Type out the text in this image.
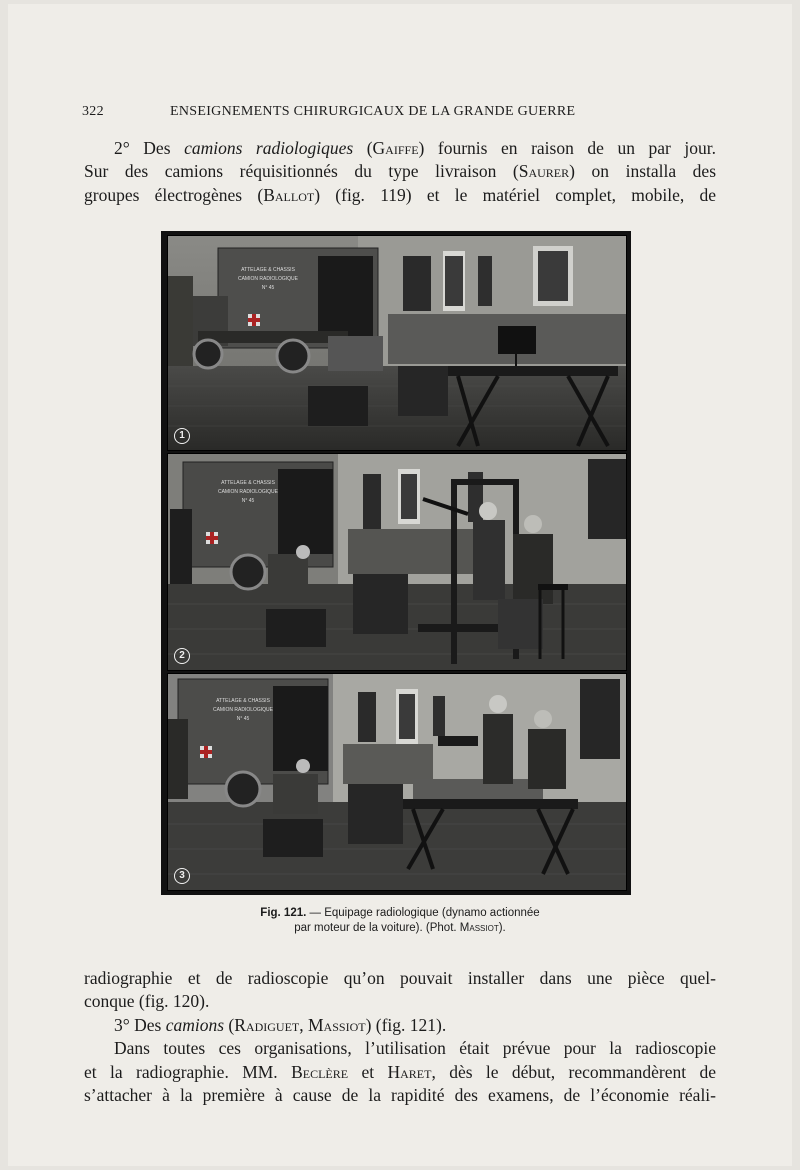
322	ENSEIGNEMENTS CHIRURGICAUX DE LA GRANDE GUERRE
2° Des camions radiologiques (Gaiffe) fournis en raison de un par jour.
Sur des camions réquisitionnés du type livraison (Saurer) on installa des
groupes électrogènes (Ballot) (fig. 119) et le matériel complet, mobile, de
ATTELAGE & CHASSIS
CAMION RADIOLOGIQUE
N° 45
1
ATTELAGE & CHASSIS
CAMION RADIOLOGIQUE
N° 45
2
ATTELAGE & CHASSIS
CAMION RADIOLOGIQUE
N° 45
3
Fig. 121. — Equipage radiologique (dynamo actionnée
par moteur de la voiture). (Phot. Massiot).
radiographie et de radioscopie qu’on pouvait installer dans une pièce quel-
conque (fig. 120).
3° Des camions (Radiguet, Massiot) (fig. 121).
Dans toutes ces organisations, l’utilisation était prévue pour la radioscopie
et la radiographie. MM. Beclère et Haret, dès le début, recommandèrent de
s’attacher à la première à cause de la rapidité des examens, de l’économie réali-
